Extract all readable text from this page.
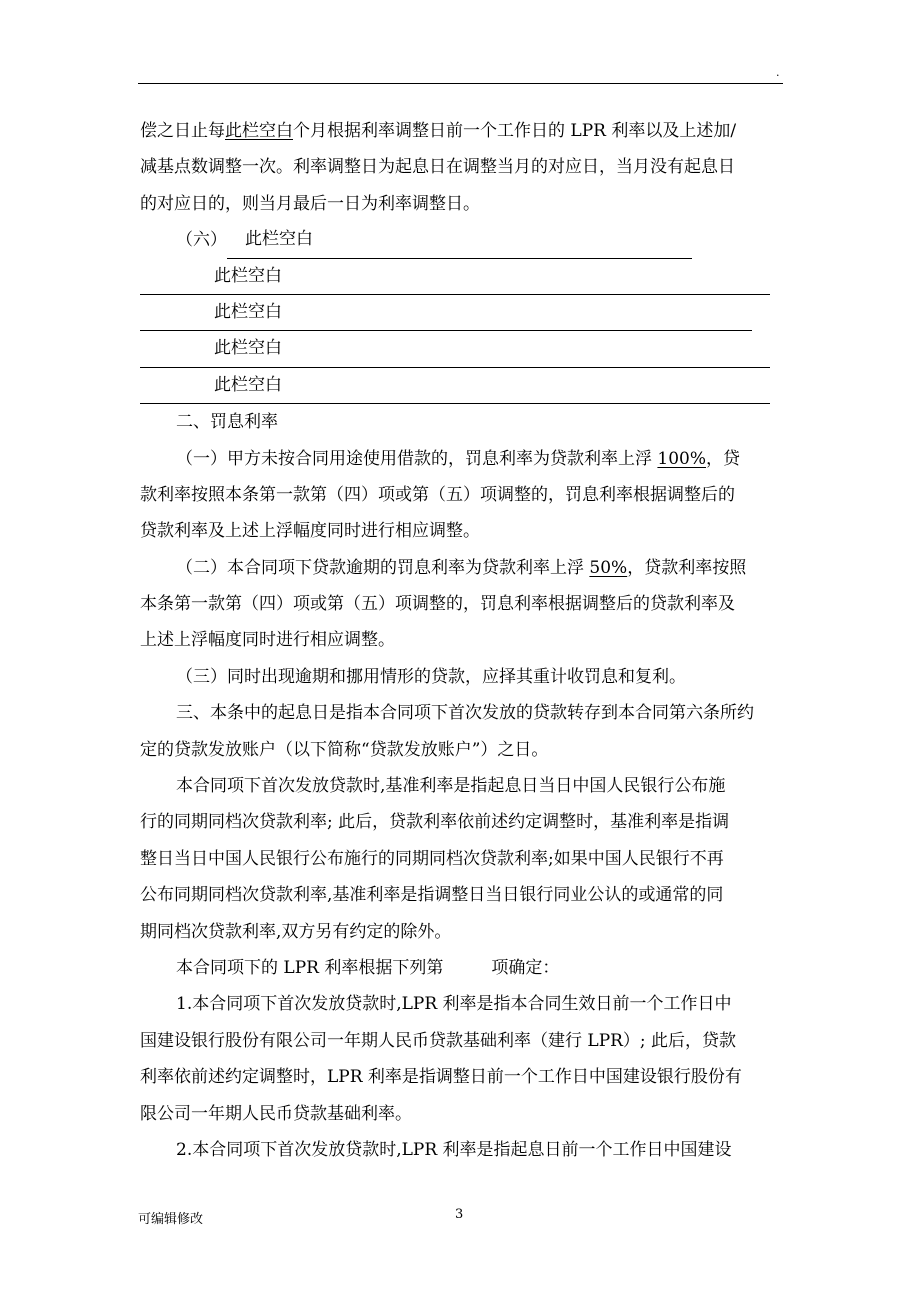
.
偿之日止每此栏空白个月根据利率调整日前一个工作日的 LPR 利率以及上述加/
减基点数调整一次。利率调整日为起息日在调整当月的对应日，当月没有起息日
的对应日的，则当月最后一日为利率调整日。
（六）	此栏空白
此栏空白
此栏空白
此栏空白
此栏空白
二、罚息利率
（一）甲方未按合同用途使用借款的，罚息利率为贷款利率上浮 100%，贷
款利率按照本条第一款第（四）项或第（五）项调整的，罚息利率根据调整后的
贷款利率及上述上浮幅度同时进行相应调整。
（二）本合同项下贷款逾期的罚息利率为贷款利率上浮 50%，贷款利率按照
本条第一款第（四）项或第（五）项调整的，罚息利率根据调整后的贷款利率及
上述上浮幅度同时进行相应调整。
（三）同时出现逾期和挪用情形的贷款，应择其重计收罚息和复利。
三、本条中的起息日是指本合同项下首次发放的贷款转存到本合同第六条所约
定的贷款发放账户（以下简称“贷款发放账户”）之日。
本合同项下首次发放贷款时,基准利率是指起息日当日中国人民银行公布施
行的同期同档次贷款利率; 此后，贷款利率依前述约定调整时，基准利率是指调
整日当日中国人民银行公布施行的同期同档次贷款利率;如果中国人民银行不再
公布同期同档次贷款利率,基准利率是指调整日当日银行同业公认的或通常的同
期同档次贷款利率,双方另有约定的除外。
本合同项下的 LPR 利率根据下列第	项确定：
1.本合同项下首次发放贷款时,LPR 利率是指本合同生效日前一个工作日中
国建设银行股份有限公司一年期人民币贷款基础利率（建行 LPR）; 此后，贷款
利率依前述约定调整时，LPR 利率是指调整日前一个工作日中国建设银行股份有
限公司一年期人民币贷款基础利率。
2.本合同项下首次发放贷款时,LPR 利率是指起息日前一个工作日中国建设
可编辑修改	3
